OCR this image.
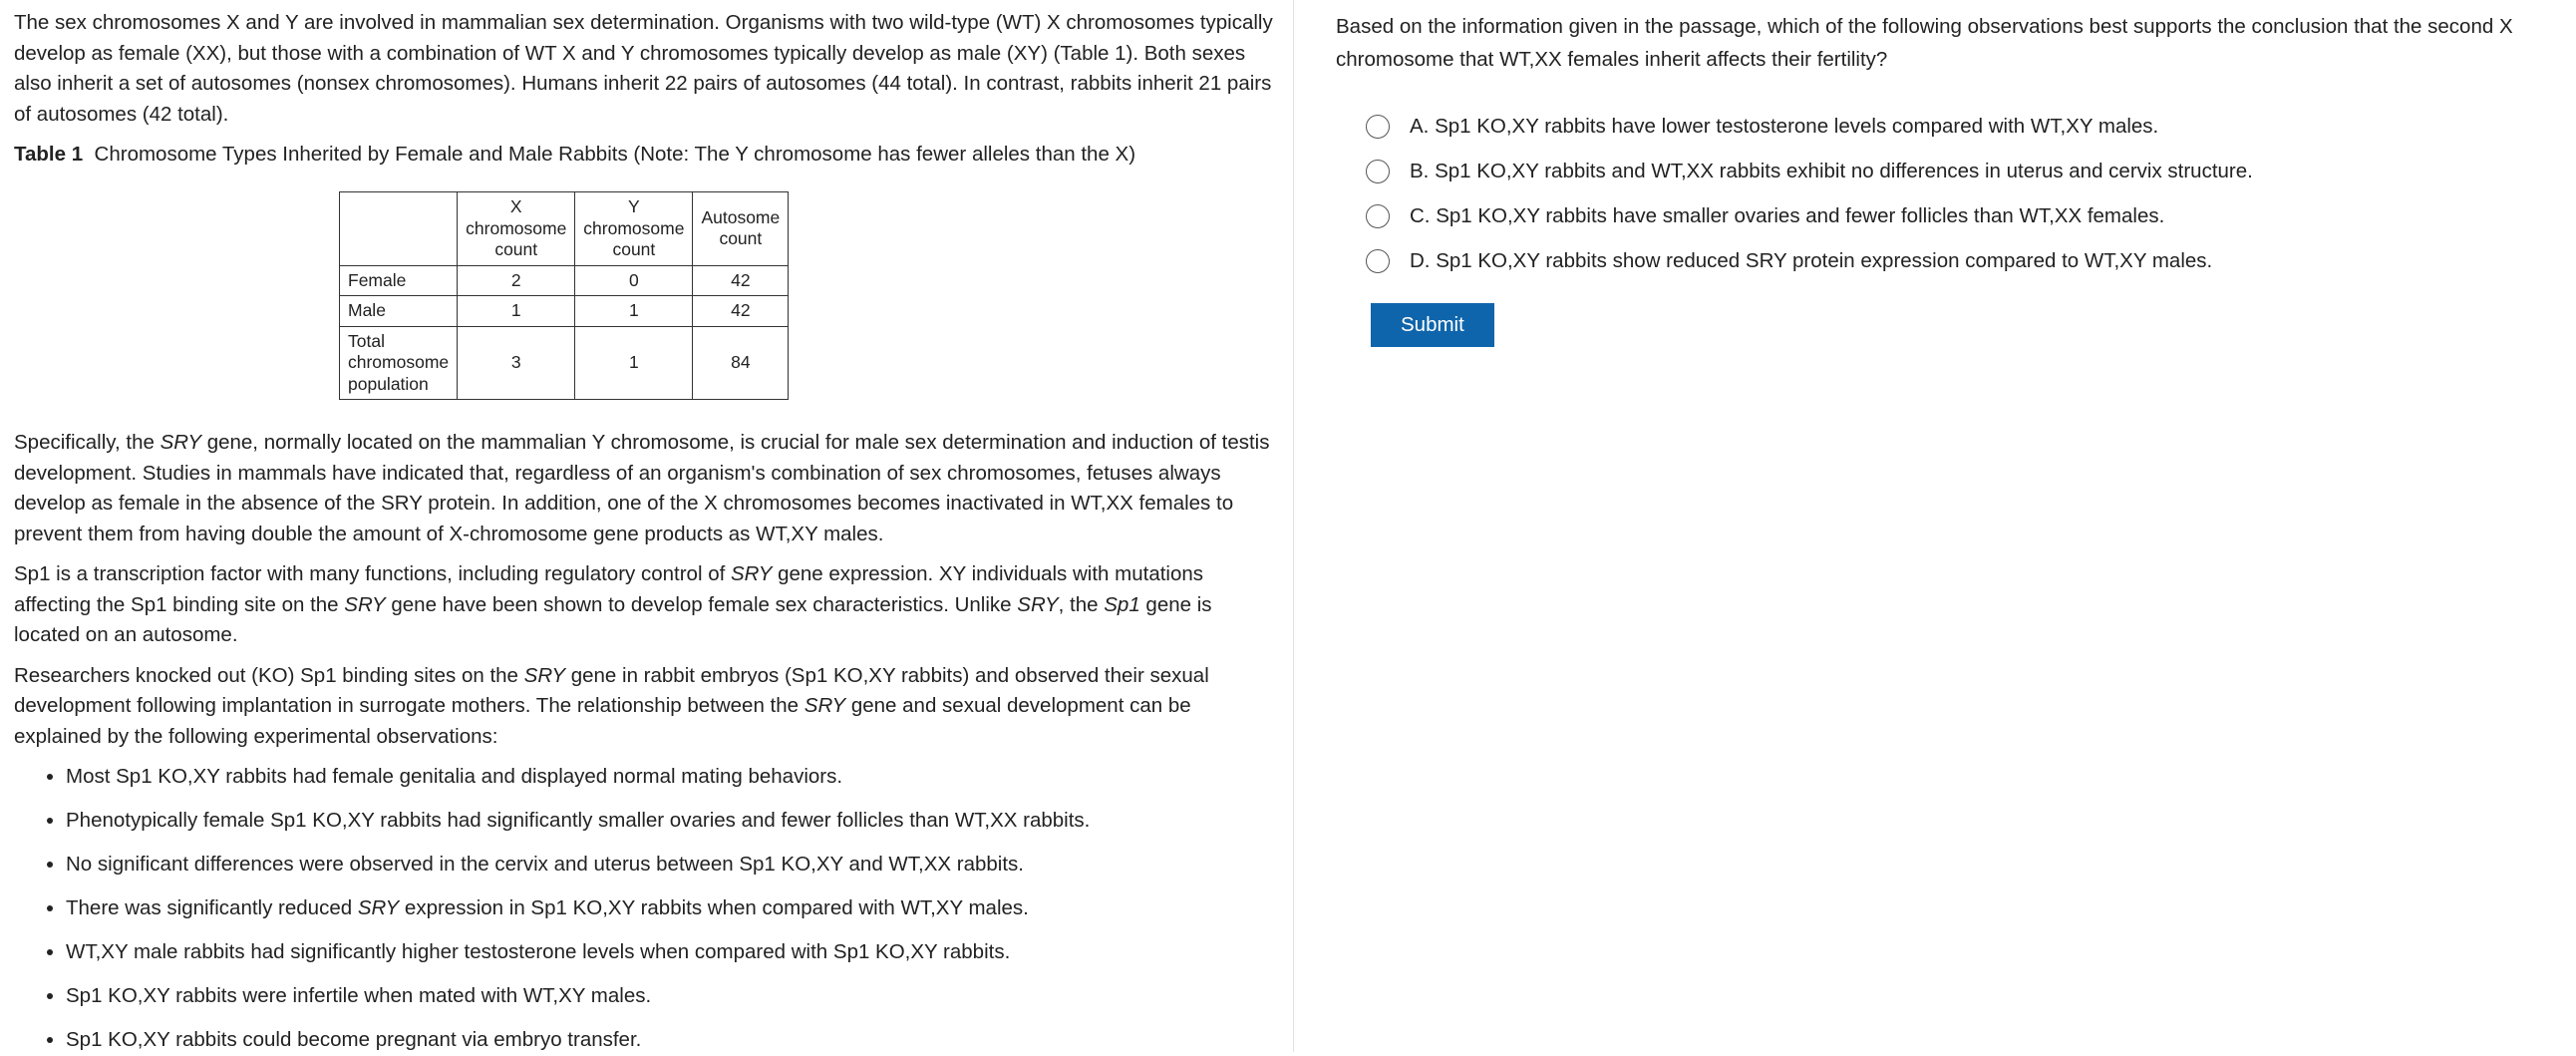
The sex chromosomes X and Y are involved in mammalian sex determination. Organisms with two wild-type (WT) X chromosomes typically develop as female (XX), but those with a combination of WT X and Y chromosomes typically develop as male (XY) (Table 1). Both sexes also inherit a set of autosomes (nonsex chromosomes). Humans inherit 22 pairs of autosomes (44 total). In contrast, rabbits inherit 21 pairs of autosomes (42 total).

Table 1 Chromosome Types Inherited by Female and Male Rabbits (Note: The Y chromosome has fewer alleles than the X)
	X chromosome count	Y chromosome count	Autosome count
Female	2	0	42
Male	1	1	42
Total chromosome population	3	1	84

Specifically, the SRY gene, normally located on the mammalian Y chromosome, is crucial for male sex determination and induction of testis development. Studies in mammals have indicated that, regardless of an organism's combination of sex chromosomes, fetuses always develop as female in the absence of the SRY protein. In addition, one of the X chromosomes becomes inactivated in WT,XX females to prevent them from having double the amount of X-chromosome gene products as WT,XY males.

Sp1 is a transcription factor with many functions, including regulatory control of SRY gene expression. XY individuals with mutations affecting the Sp1 binding site on the SRY gene have been shown to develop female sex characteristics. Unlike SRY, the Sp1 gene is located on an autosome.

Researchers knocked out (KO) Sp1 binding sites on the SRY gene in rabbit embryos (Sp1 KO,XY rabbits) and observed their sexual development following implantation in surrogate mothers. The relationship between the SRY gene and sexual development can be explained by the following experimental observations:

• Most Sp1 KO,XY rabbits had female genitalia and displayed normal mating behaviors.
• Phenotypically female Sp1 KO,XY rabbits had significantly smaller ovaries and fewer follicles than WT,XX rabbits.
• No significant differences were observed in the cervix and uterus between Sp1 KO,XY and WT,XX rabbits.
• There was significantly reduced SRY expression in Sp1 KO,XY rabbits when compared with WT,XY males.
• WT,XY male rabbits had significantly higher testosterone levels when compared with Sp1 KO,XY rabbits.
• Sp1 KO,XY rabbits were infertile when mated with WT,XY males.
• Sp1 KO,XY rabbits could become pregnant via embryo transfer.
Based on the information given in the passage, which of the following observations best supports the conclusion that the second X chromosome that WT,XX females inherit affects their fertility?
A. Sp1 KO,XY rabbits have lower testosterone levels compared with WT,XY males.
B. Sp1 KO,XY rabbits and WT,XX rabbits exhibit no differences in uterus and cervix structure.
C. Sp1 KO,XY rabbits have smaller ovaries and fewer follicles than WT,XX females.
D. Sp1 KO,XY rabbits show reduced SRY protein expression compared to WT,XY males.
Submit
